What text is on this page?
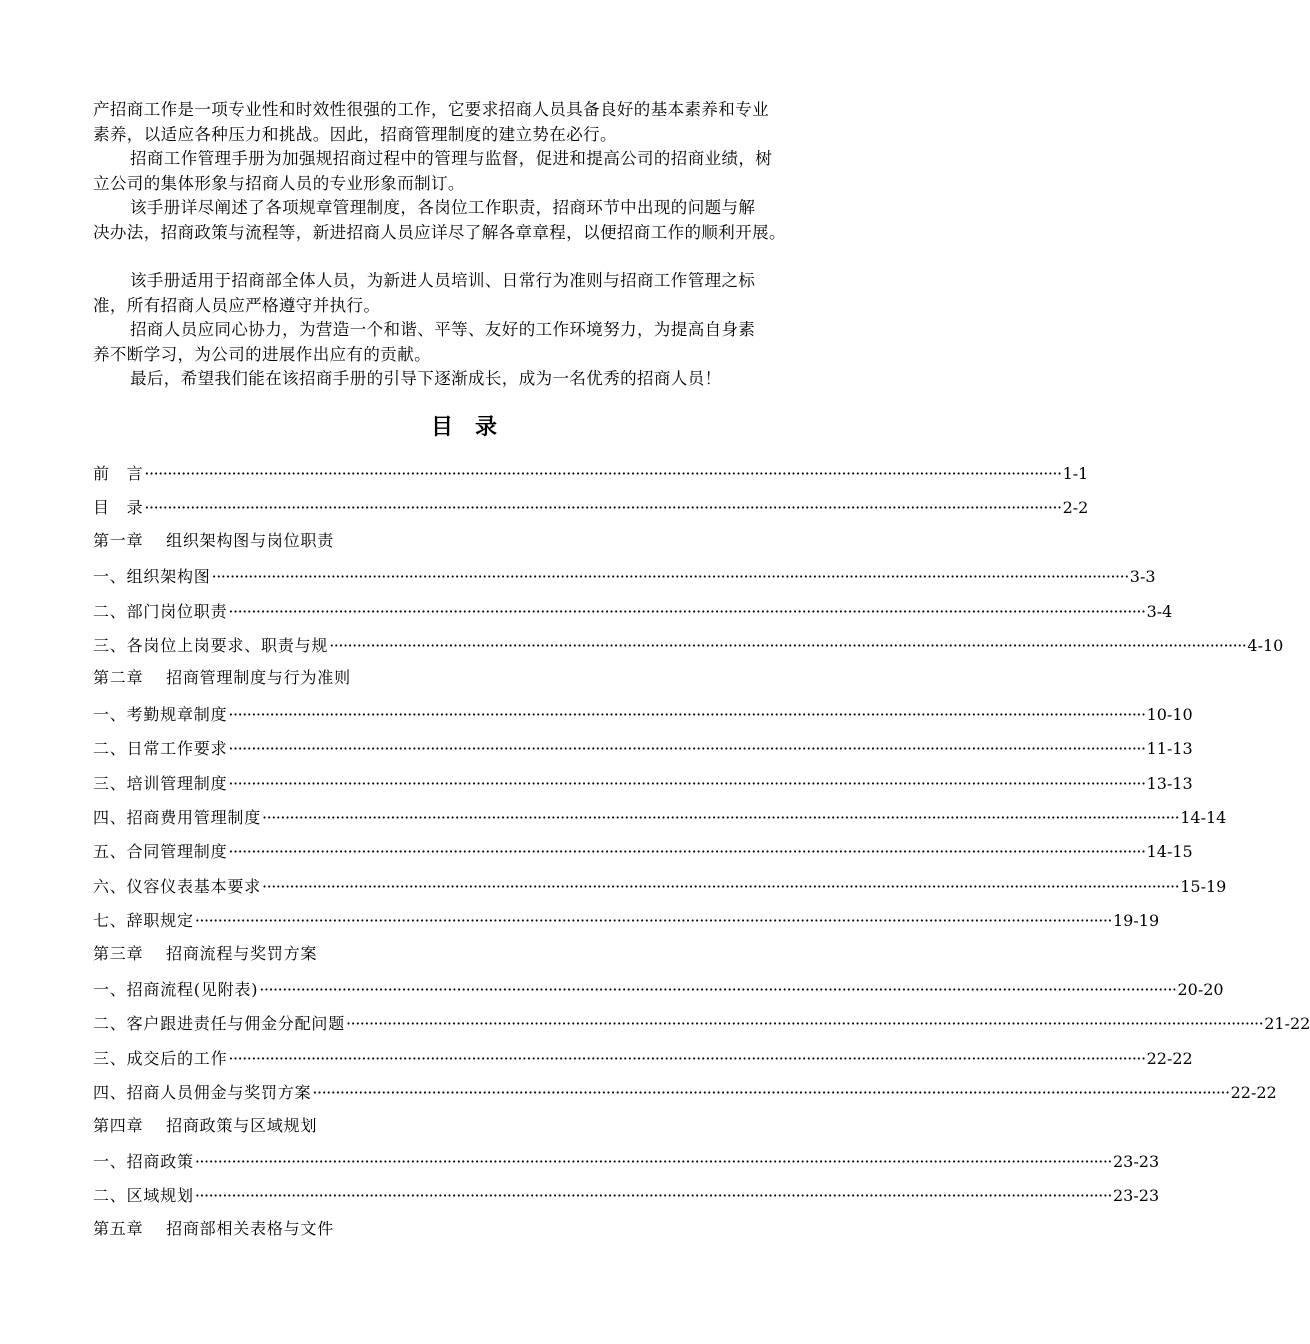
产招商工作是一项专业性和时效性很强的工作，它要求招商人员具备良好的基本素养和专业
素养，以适应各种压力和挑战。因此，招商管理制度的建立势在必行。
招商工作管理手册为加强规招商过程中的管理与监督，促进和提高公司的招商业绩，树
立公司的集体形象与招商人员的专业形象而制订。
该手册详尽阐述了各项规章管理制度，各岗位工作职责，招商环节中出现的问题与解
决办法，招商政策与流程等，新进招商人员应详尽了解各章章程，以便招商工作的顺利开展。
该手册适用于招商部全体人员，为新进人员培训、日常行为准则与招商工作管理之标
准，所有招商人员应严格遵守并执行。
招商人员应同心协力，为营造一个和谐、平等、友好的工作环境努力，为提高自身素
养不断学习，为公司的进展作出应有的贡献。
最后，希望我们能在该招商手册的引导下逐渐成长，成为一名优秀的招商人员！
目录
前　言 ········································································································································································································ 1-1
目　录 ········································································································································································································ 2-2
第一章　 组织架构图与岗位职责
一、组织架构图 ········································································································································································································ 3-3
二、部门岗位职责 ········································································································································································································ 3-4
三、各岗位上岗要求、职责与规 ········································································································································································································ 4-10
第二章　 招商管理制度与行为准则
一、考勤规章制度 ········································································································································································································ 10-10
二、日常工作要求 ········································································································································································································ 11-13
三、培训管理制度 ········································································································································································································ 13-13
四、招商费用管理制度 ········································································································································································································ 14-14
五、合同管理制度 ········································································································································································································ 14-15
六、仪容仪表基本要求 ········································································································································································································ 15-19
七、辞职规定 ········································································································································································································ 19-19
第三章　 招商流程与奖罚方案
一、招商流程(见附表) ········································································································································································································ 20-20
二、客户跟进责任与佣金分配问题 ········································································································································································································ 21-22
三、成交后的工作 ········································································································································································································ 22-22
四、招商人员佣金与奖罚方案 ········································································································································································································ 22-22
第四章　 招商政策与区域规划
一、招商政策 ········································································································································································································ 23-23
二、区域规划 ········································································································································································································ 23-23
第五章　 招商部相关表格与文件
